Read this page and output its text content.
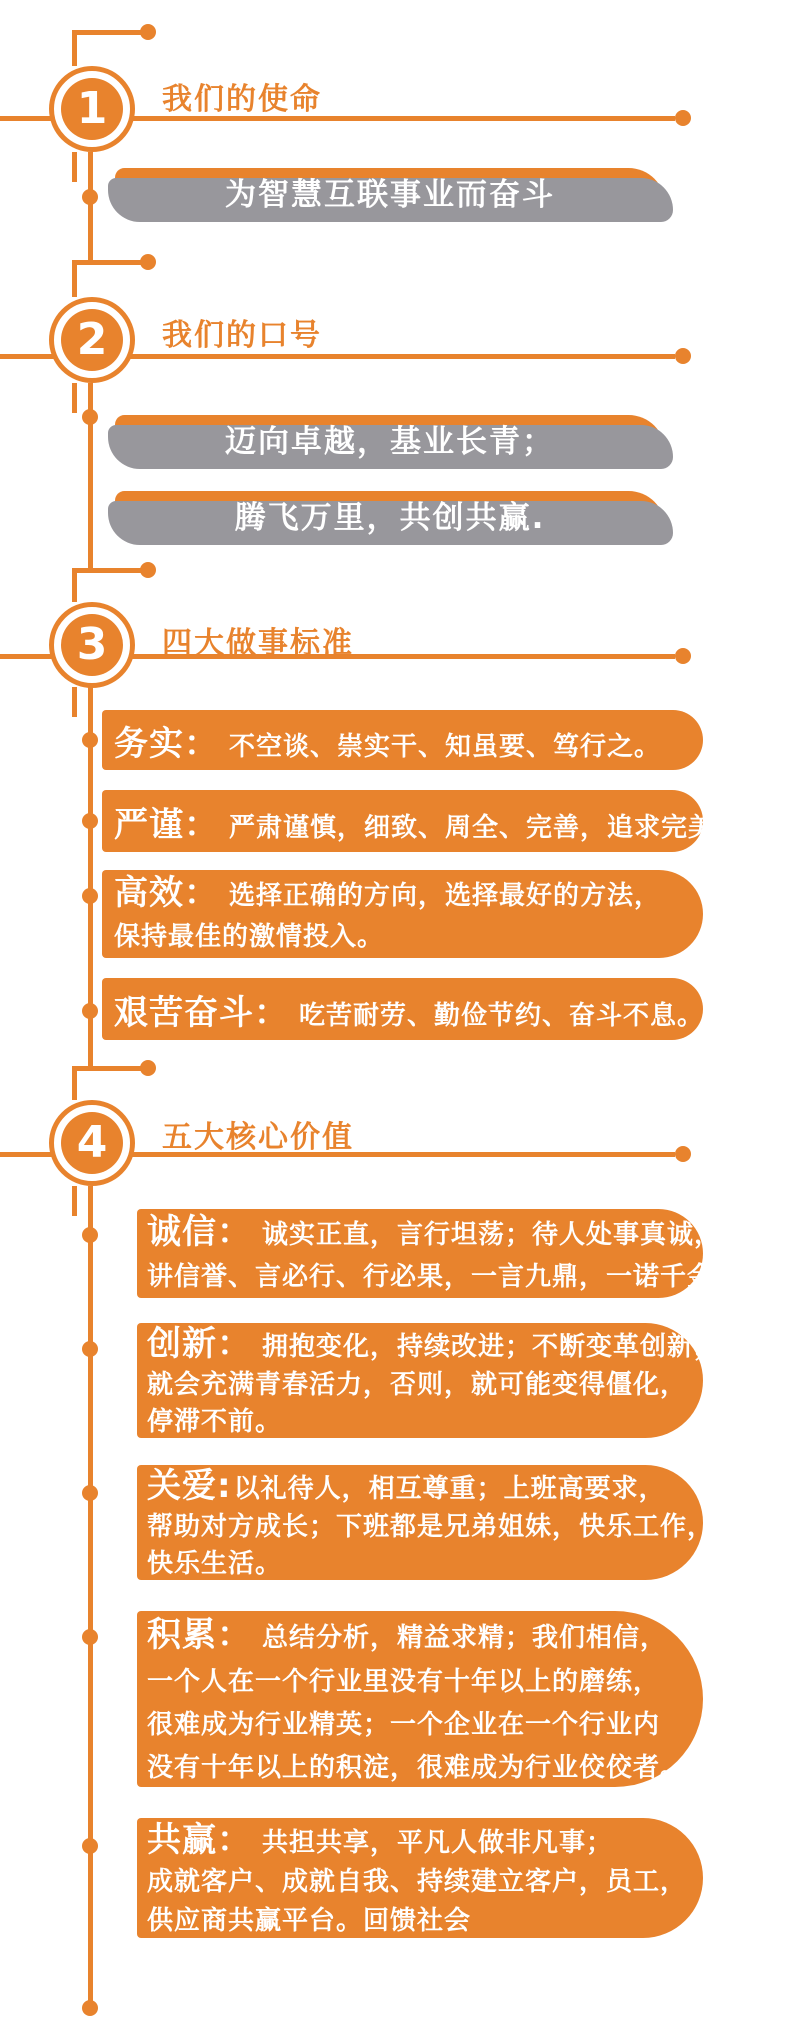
1	我们的使命
2	我们的口号
3	四大做事标准
4	五大核心价值
为智慧互联事业而奋斗
迈向卓越，基业长青；
腾飞万里，共创共赢.
务实： 不空谈、崇实干、知虽要、笃行之。
严谨： 严肃谨慎，细致、周全、完善，追求完美。
高效： 选择正确的方向，选择最好的方法，
保持最佳的激情投入。
艰苦奋斗： 吃苦耐劳、勤俭节约、奋斗不息。
诚信： 诚实正直，言行坦荡；待人处事真诚，
讲信誉、言必行、行必果，一言九鼎，一诺千金。
创新： 拥抱变化，持续改进；不断变革创新，
就会充满青春活力，否则，就可能变得僵化，
停滞不前。
关爱:以礼待人，相互尊重；上班高要求，
帮助对方成长；下班都是兄弟姐妹，快乐工作，
快乐生活。
积累： 总结分析，精益求精；我们相信，
一个人在一个行业里没有十年以上的磨练，
很难成为行业精英；一个企业在一个行业内
没有十年以上的积淀，很难成为行业佼佼者。
共赢： 共担共享，平凡人做非凡事；
成就客户、成就自我、持续建立客户，员工，
供应商共赢平台。回馈社会
